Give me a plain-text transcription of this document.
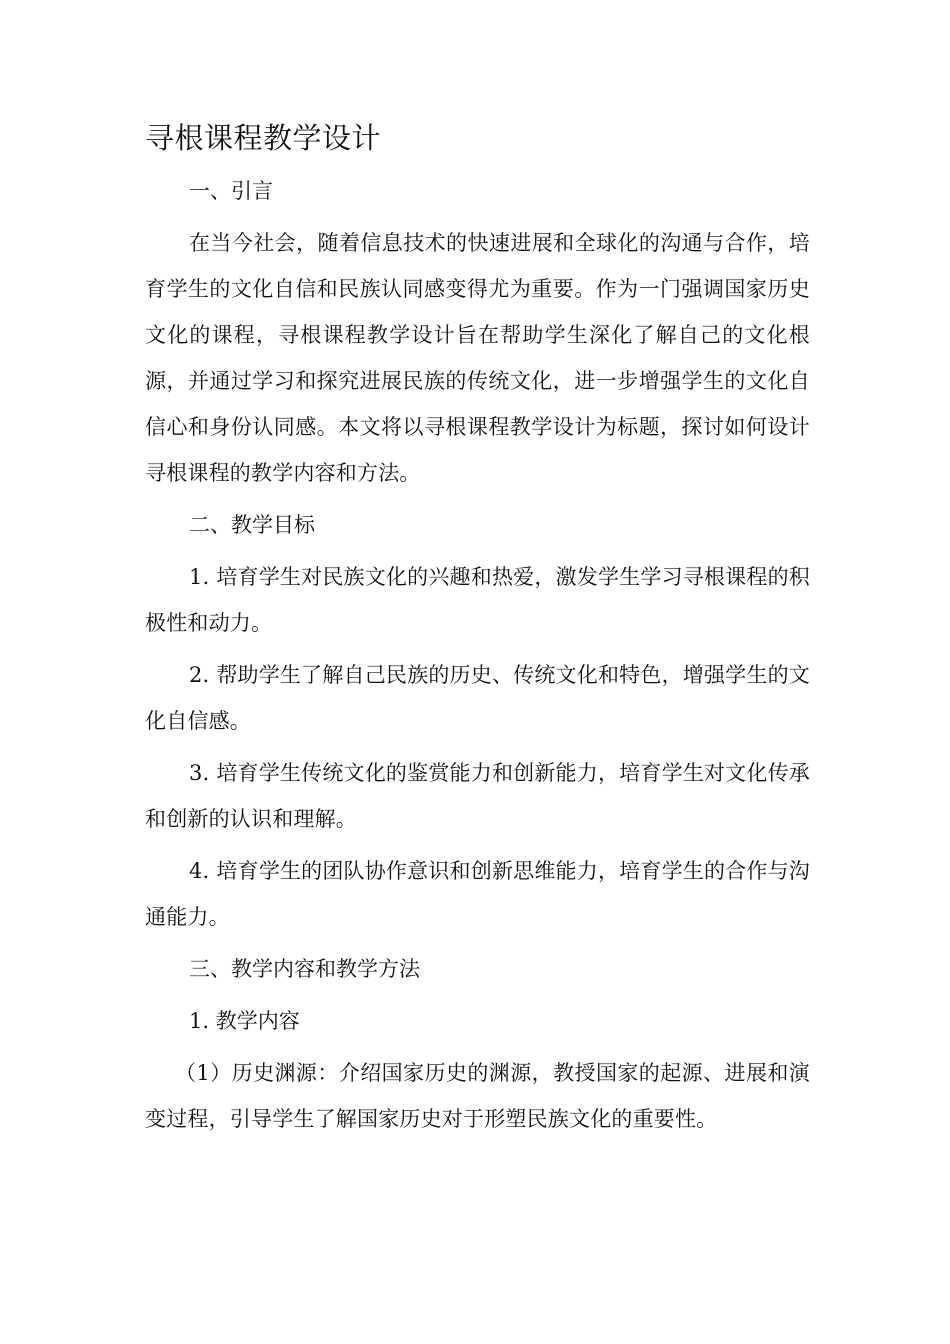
寻根课程教学设计

一、引言

在当今社会，随着信息技术的快速进展和全球化的沟通与合作，培育学生的文化自信和民族认同感变得尤为重要。作为一门强调国家历史文化的课程，寻根课程教学设计旨在帮助学生深化了解自己的文化根源，并通过学习和探究进展民族的传统文化，进一步增强学生的文化自信心和身份认同感。本文将以寻根课程教学设计为标题，探讨如何设计寻根课程的教学内容和方法。

二、教学目标

1. 培育学生对民族文化的兴趣和热爱，激发学生学习寻根课程的积极性和动力。

2. 帮助学生了解自己民族的历史、传统文化和特色，增强学生的文化自信感。

3. 培育学生传统文化的鉴赏能力和创新能力，培育学生对文化传承和创新的认识和理解。

4. 培育学生的团队协作意识和创新思维能力，培育学生的合作与沟通能力。

三、教学内容和教学方法

1. 教学内容

（1）历史渊源：介绍国家历史的渊源，教授国家的起源、进展和演变过程，引导学生了解国家历史对于形塑民族文化的重要性。
